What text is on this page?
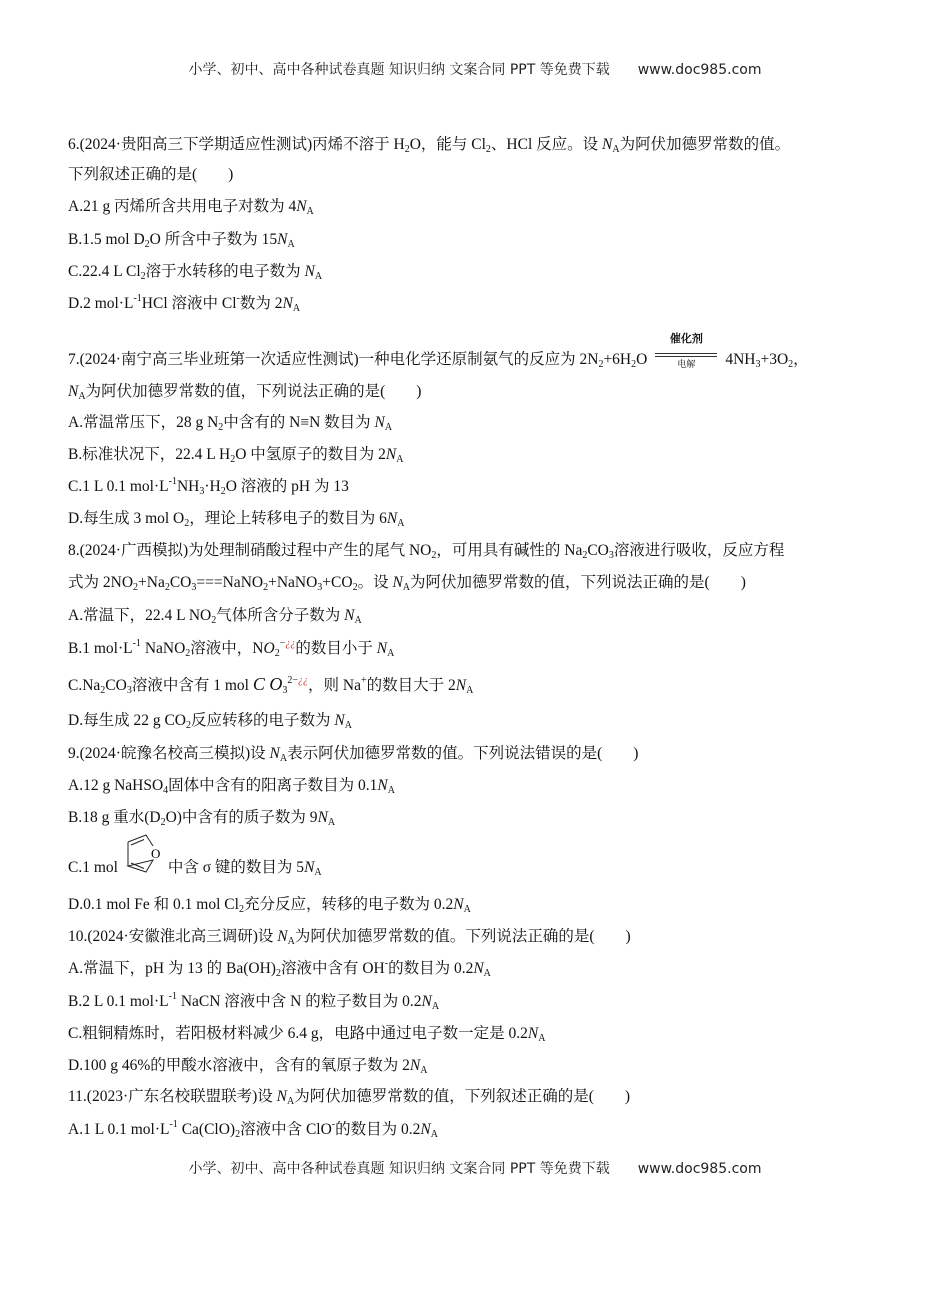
小学、初中、高中各种试卷真题 知识归纳 文案合同 PPT 等免费下载　　www.doc985.com
6.(2024·贵阳高三下学期适应性测试)丙烯不溶于 $H_2O$，能与 $Cl_2$、HCl 反应。设 $N_A$为阿伏加德罗常数的值。
下列叙述正确的是(　　)
A.21 g 丙烯所含共用电子对数为 $4N_A$
B.1.5 mol $D_2O$ 所含中子数为 $15N_A$
C.22.4 L $Cl_2$溶于水转移的电子数为 $N_A$
D.2 $mol\cdot L^{-1}HCl$ 溶液中 Cl-数为 $2N_A$
7.(2024·南宁高三毕业班第一次适应性测试)一种电化学还原制氨气的反应为 $2N_2+6H_2O$
催化剂
电解	$4NH_3+3O_2$，
$N_A$为阿伏加德罗常数的值，下列说法正确的是(　　)
A.常温常压下，28 g $N_2$中含有的 N≡N 数目为 $N_A$
B.标准状况下，22.4 L $H_2O$ 中氢原子的数目为 $2N_A$
C.1 L 0.1 $mol\cdot L^{-1}NH_3\cdot H_2O$ 溶液的 pH 为 13
D.每生成 3 mol $O_2$，理论上转移电子的数目为 $6N_A$
8.(2024·广西模拟)为处理制硝酸过程中产生的尾气 $NO_2$，可用具有碱性的 $Na_2CO_3$溶液进行吸收，反应方程
式为 $2NO_2+Na_2CO_3===NaNO_2+NaNO_3+CO_2$。设 $N_A$为阿伏加德罗常数的值，下列说法正确的是(　　)
A.常温下，22.4 L $NO_2$气体所含分子数为 $N_A$
B.1 $mol\cdot L^{-1}$ NaNO$_2$溶液中，$NO_2^{-¿¿}$的数目小于 $N_A$
$C.Na_2CO_3$溶液中含有 1 mol C $O_3^{2-¿¿}$，则 Na+的数目大于 $2N_A$
D.每生成 22 g $CO_2$反应转移的电子数为 $N_A$
9.(2024·皖豫名校高三模拟)设 $N_A$表示阿伏加德罗常数的值。下列说法错误的是(　　)
A.12 g NaHSO$_4$固体中含有的阳离子数目为 $0.1N_A$
B.18 g 重水$(D_2O)$中含有的质子数为 $9N_A$
C.1 mol
O
中含 σ 键的数目为 $5N_A$
D.0.1 mol Fe 和 0.1 mol $Cl_2$充分反应，转移的电子数为 $0.2N_A$
10.(2024·安徽淮北高三调研)设 $N_A$为阿伏加德罗常数的值。下列说法正确的是(　　)
A.常温下，pH 为 13 的 $Ba(OH)_2$溶液中含有 OH-的数目为 $0.2N_A$
B.2 L 0.1 $mol\cdot L^{-1}$ NaCN 溶液中含 N 的粒子数目为 $0.2N_A$
C.粗铜精炼时，若阳极材料减少 6.4 g，电路中通过电子数一定是 $0.2N_A$
D.100 g 46%的甲酸水溶液中，含有的氧原子数为 $2N_A$
11.(2023·广东名校联盟联考)设 $N_A$为阿伏加德罗常数的值，下列叙述正确的是(　　)
A.1 L 0.1 $mol\cdot L^{-1}$ $Ca(ClO)_2$溶液中含 ClO-的数目为 $0.2N_A$
小学、初中、高中各种试卷真题 知识归纳 文案合同 PPT 等免费下载　　www.doc985.com
